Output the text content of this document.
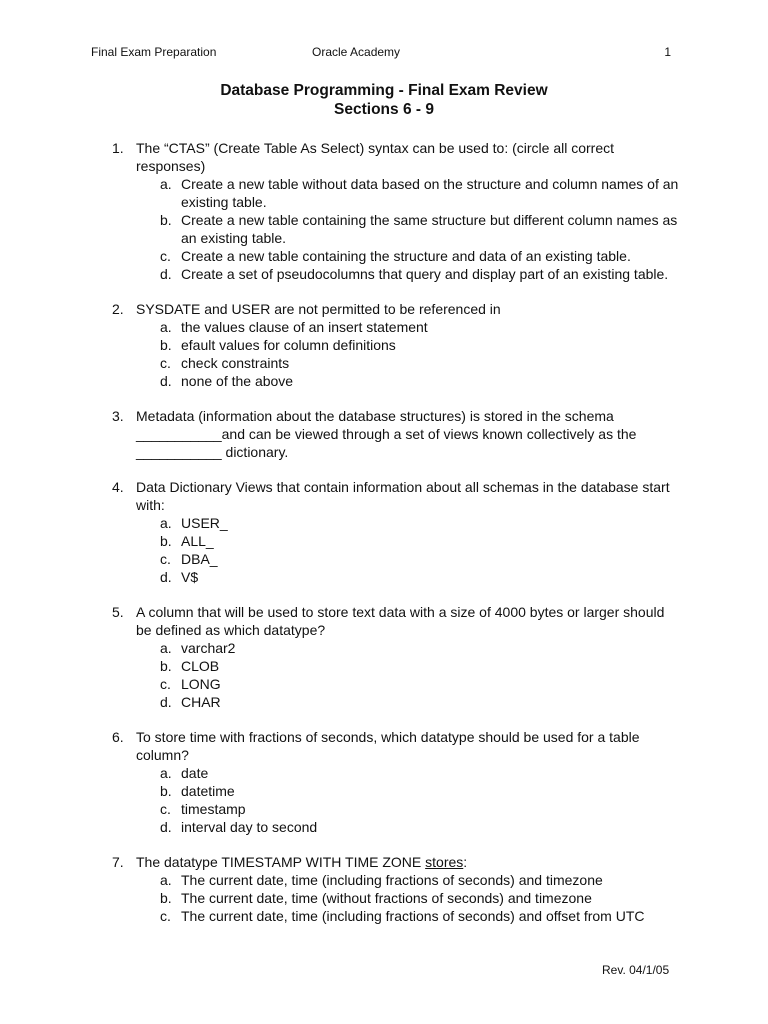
Final Exam Preparation	Oracle Academy	1
Database Programming - Final Exam Review
Sections 6 - 9
1. The “CTAS” (Create Table As Select) syntax can be used to: (circle all correct responses)
a. Create a new table without data based on the structure and column names of an existing table.
b. Create a new table containing the same structure but different column names as an existing table.
c. Create a new table containing the structure and data of an existing table.
d. Create a set of pseudocolumns that query and display part of an existing table.
2. SYSDATE and USER are not permitted to be referenced in
a. the values clause of an insert statement
b. efault values for column definitions
c. check constraints
d. none of the above
3. Metadata (information about the database structures) is stored in the schema ___________and can be viewed through a set of views known collectively as the ___________ dictionary.
4. Data Dictionary Views that contain information about all schemas in the database start with:
a. USER_
b. ALL_
c. DBA_
d. V$
5. A column that will be used to store text data with a size of 4000 bytes or larger should be defined as which datatype?
a. varchar2
b. CLOB
c. LONG
d. CHAR
6. To store time with fractions of seconds, which datatype should be used for a table column?
a. date
b. datetime
c. timestamp
d. interval day to second
7. The datatype TIMESTAMP WITH TIME ZONE stores:
a. The current date, time (including fractions of seconds) and timezone
b. The current date, time (without fractions of seconds) and timezone
c. The current date, time (including fractions of seconds) and offset from UTC
Rev. 04/1/05
